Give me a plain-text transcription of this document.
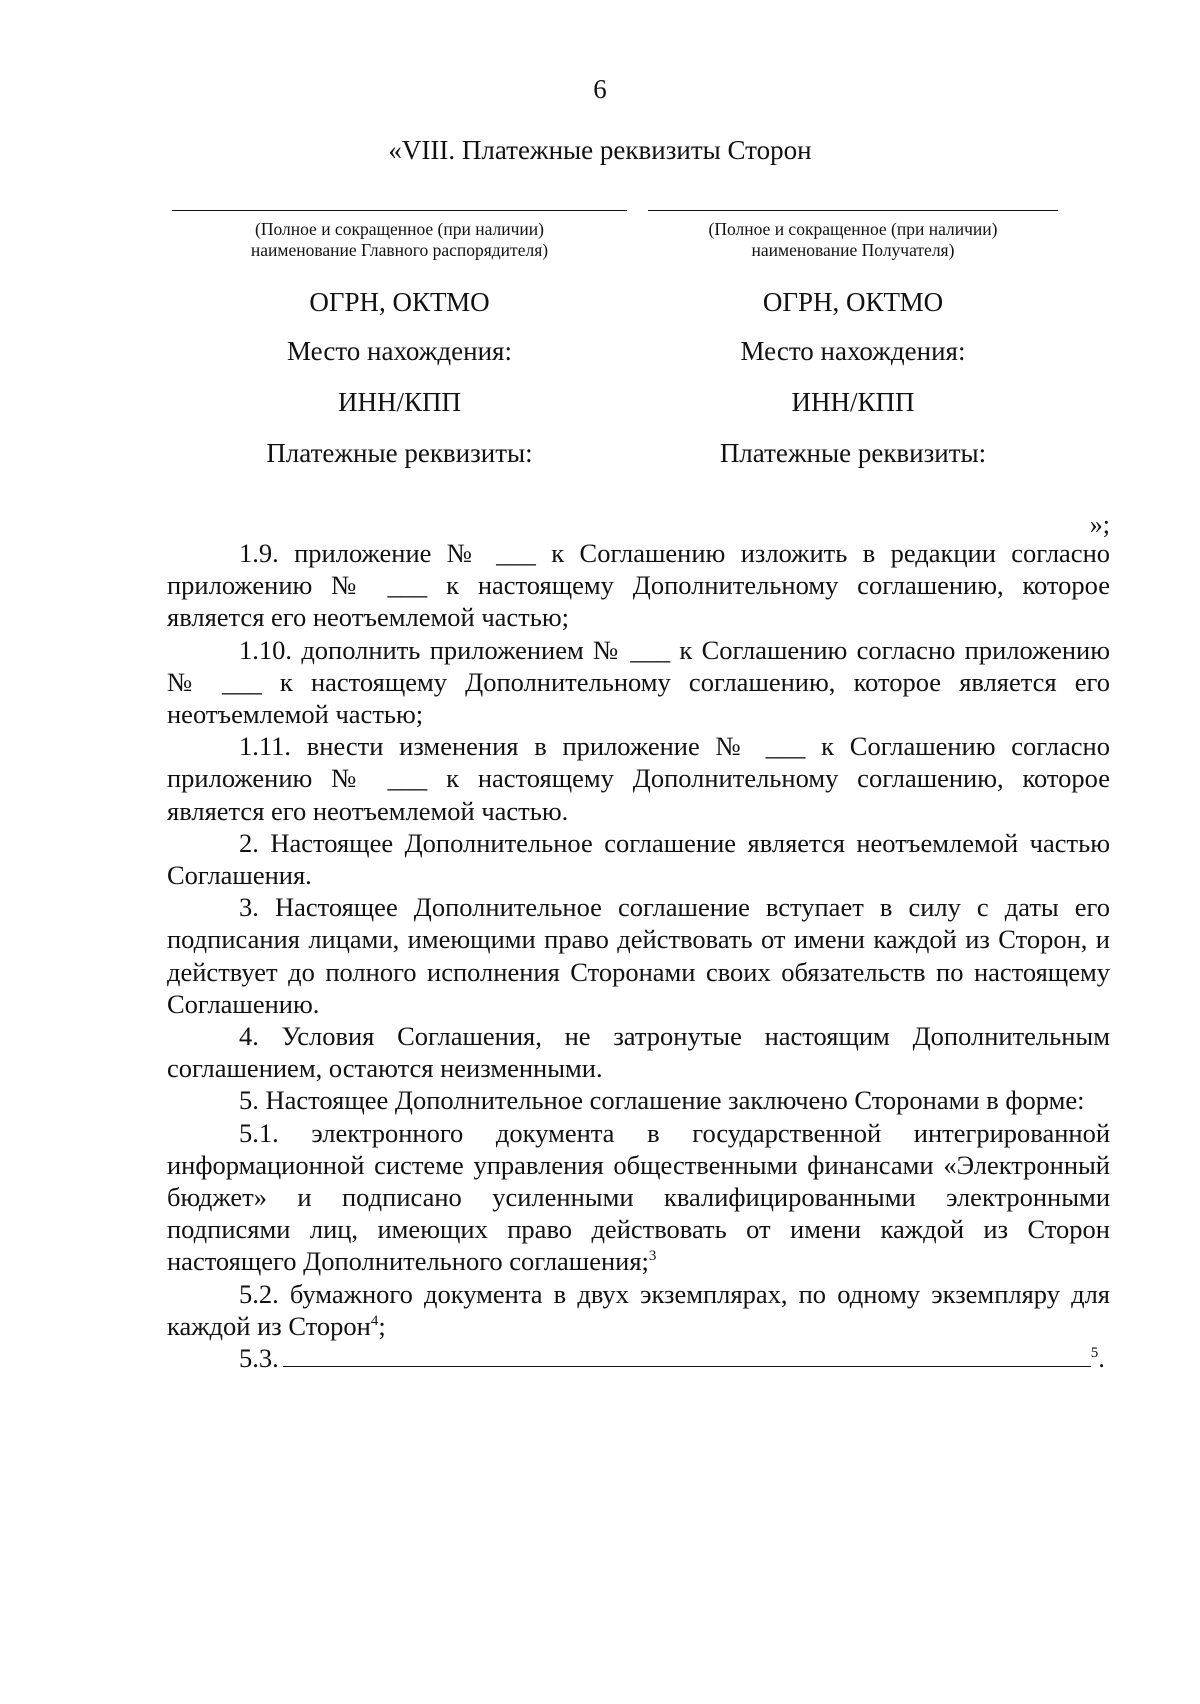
6
«VIII. Платежные реквизиты Сторон
(Полное и сокращенное (при наличии)
наименование Главного распорядителя)
ОГРН, ОКТМО
Место нахождения:
ИНН/КПП
Платежные реквизиты:
(Полное и сокращенное (при наличии)
наименование Получателя)
ОГРН, ОКТМО
Место нахождения:
ИНН/КПП
Платежные реквизиты:
»;

1.9. приложение № ___ к Соглашению изложить в редакции согласно приложению № ___ к настоящему Дополнительному соглашению, которое является его неотъемлемой частью;

1.10. дополнить приложением № ___ к Соглашению согласно приложению № ___ к настоящему Дополнительному соглашению, которое является его неотъемлемой частью;

1.11. внести изменения в приложение № ___ к Соглашению согласно приложению № ___ к настоящему Дополнительному соглашению, которое является его неотъемлемой частью.

2. Настоящее Дополнительное соглашение является неотъемлемой частью Соглашения.

3. Настоящее Дополнительное соглашение вступает в силу с даты его подписания лицами, имеющими право действовать от имени каждой из Сторон, и действует до полного исполнения Сторонами своих обязательств по настоящему Соглашению.

4. Условия Соглашения, не затронутые настоящим Дополнительным соглашением, остаются неизменными.

5. Настоящее Дополнительное соглашение заключено Сторонами в форме:

5.1. электронного документа в государственной интегрированной информационной системе управления общественными финансами «Электронный бюджет» и подписано усиленными квалифицированными электронными подписями лиц, имеющих право действовать от имени каждой из Сторон настоящего Дополнительного соглашения;$^3$

5.2. бумажного документа в двух экземплярах, по одному экземпляру для каждой из Сторон$^4$;

5.3.	$^5$.
